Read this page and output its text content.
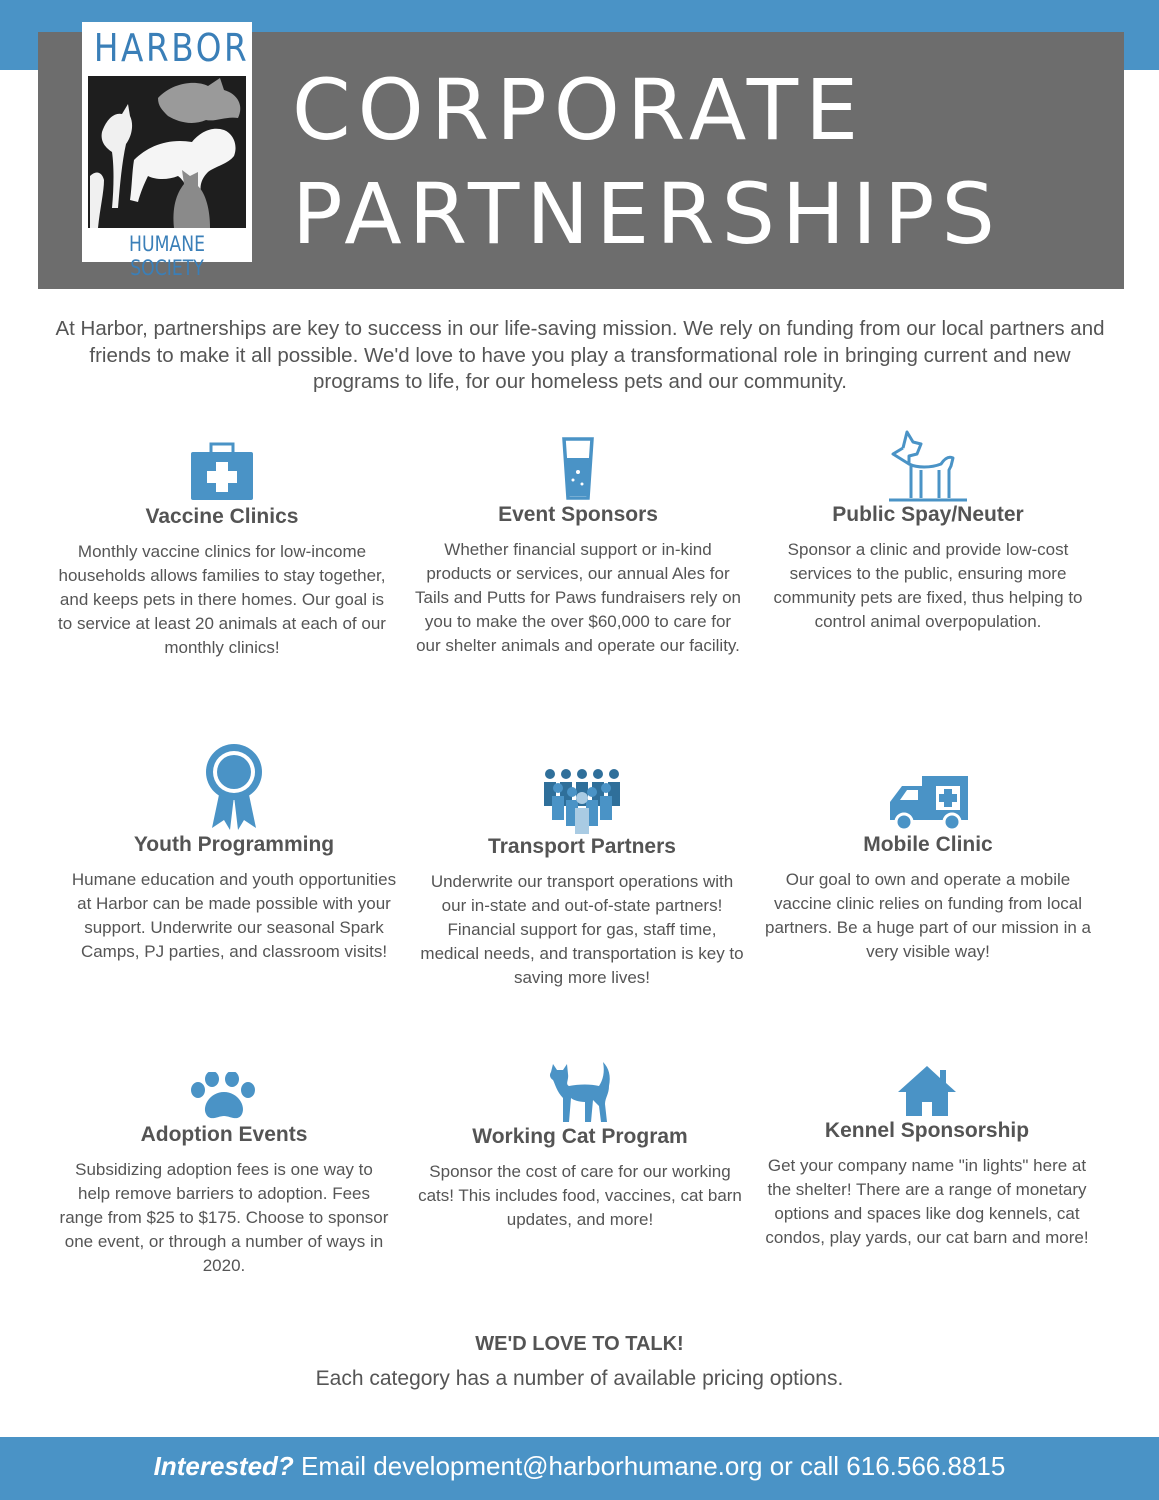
HARBOR
HUMANE SOCIETY
CORPORATE
PARTNERSHIPS
At Harbor, partnerships are key to success in our life-saving mission. We rely on funding from our local partners and friends to make it all possible. We'd love to have you play a transformational role in bringing current and new programs to life, for our homeless pets and our community.
Vaccine Clinics

Monthly vaccine clinics for low-income households allows families to stay together, and keeps pets in there homes. Our goal is to service at least 20 animals at each of our monthly clinics!

Event Sponsors

Whether financial support or in-kind products or services, our annual Ales for Tails and Putts for Paws fundraisers rely on you to make the over $60,000 to care for our shelter animals and operate our facility.

Public Spay/Neuter

Sponsor a clinic and provide low-cost services to the public, ensuring more community pets are fixed, thus helping to control animal overpopulation.

Youth Programming

Humane education and youth opportunities at Harbor can be made possible with your support. Underwrite our seasonal Spark Camps, PJ parties, and classroom visits!

Transport Partners

Underwrite our transport operations with our in-state and out-of-state partners! Financial support for gas, staff time, medical needs, and transportation is key to saving more lives!

Mobile Clinic

Our goal to own and operate a mobile vaccine clinic relies on funding from local partners. Be a huge part of our mission in a very visible way!

Adoption Events

Subsidizing adoption fees is one way to help remove barriers to adoption. Fees range from $25 to $175. Choose to sponsor one event, or through a number of ways in 2020.

Working Cat Program

Sponsor the cost of care for our working cats! This includes food, vaccines, cat barn updates, and more!

Kennel Sponsorship

Get your company name "in lights" here at the shelter! There are a range of monetary options and spaces like dog kennels, cat condos, play yards, our cat barn and more!

WE'D LOVE TO TALK!
Each category has a number of available pricing options.
Interested? Email development@harborhumane.org or call 616.566.8815
